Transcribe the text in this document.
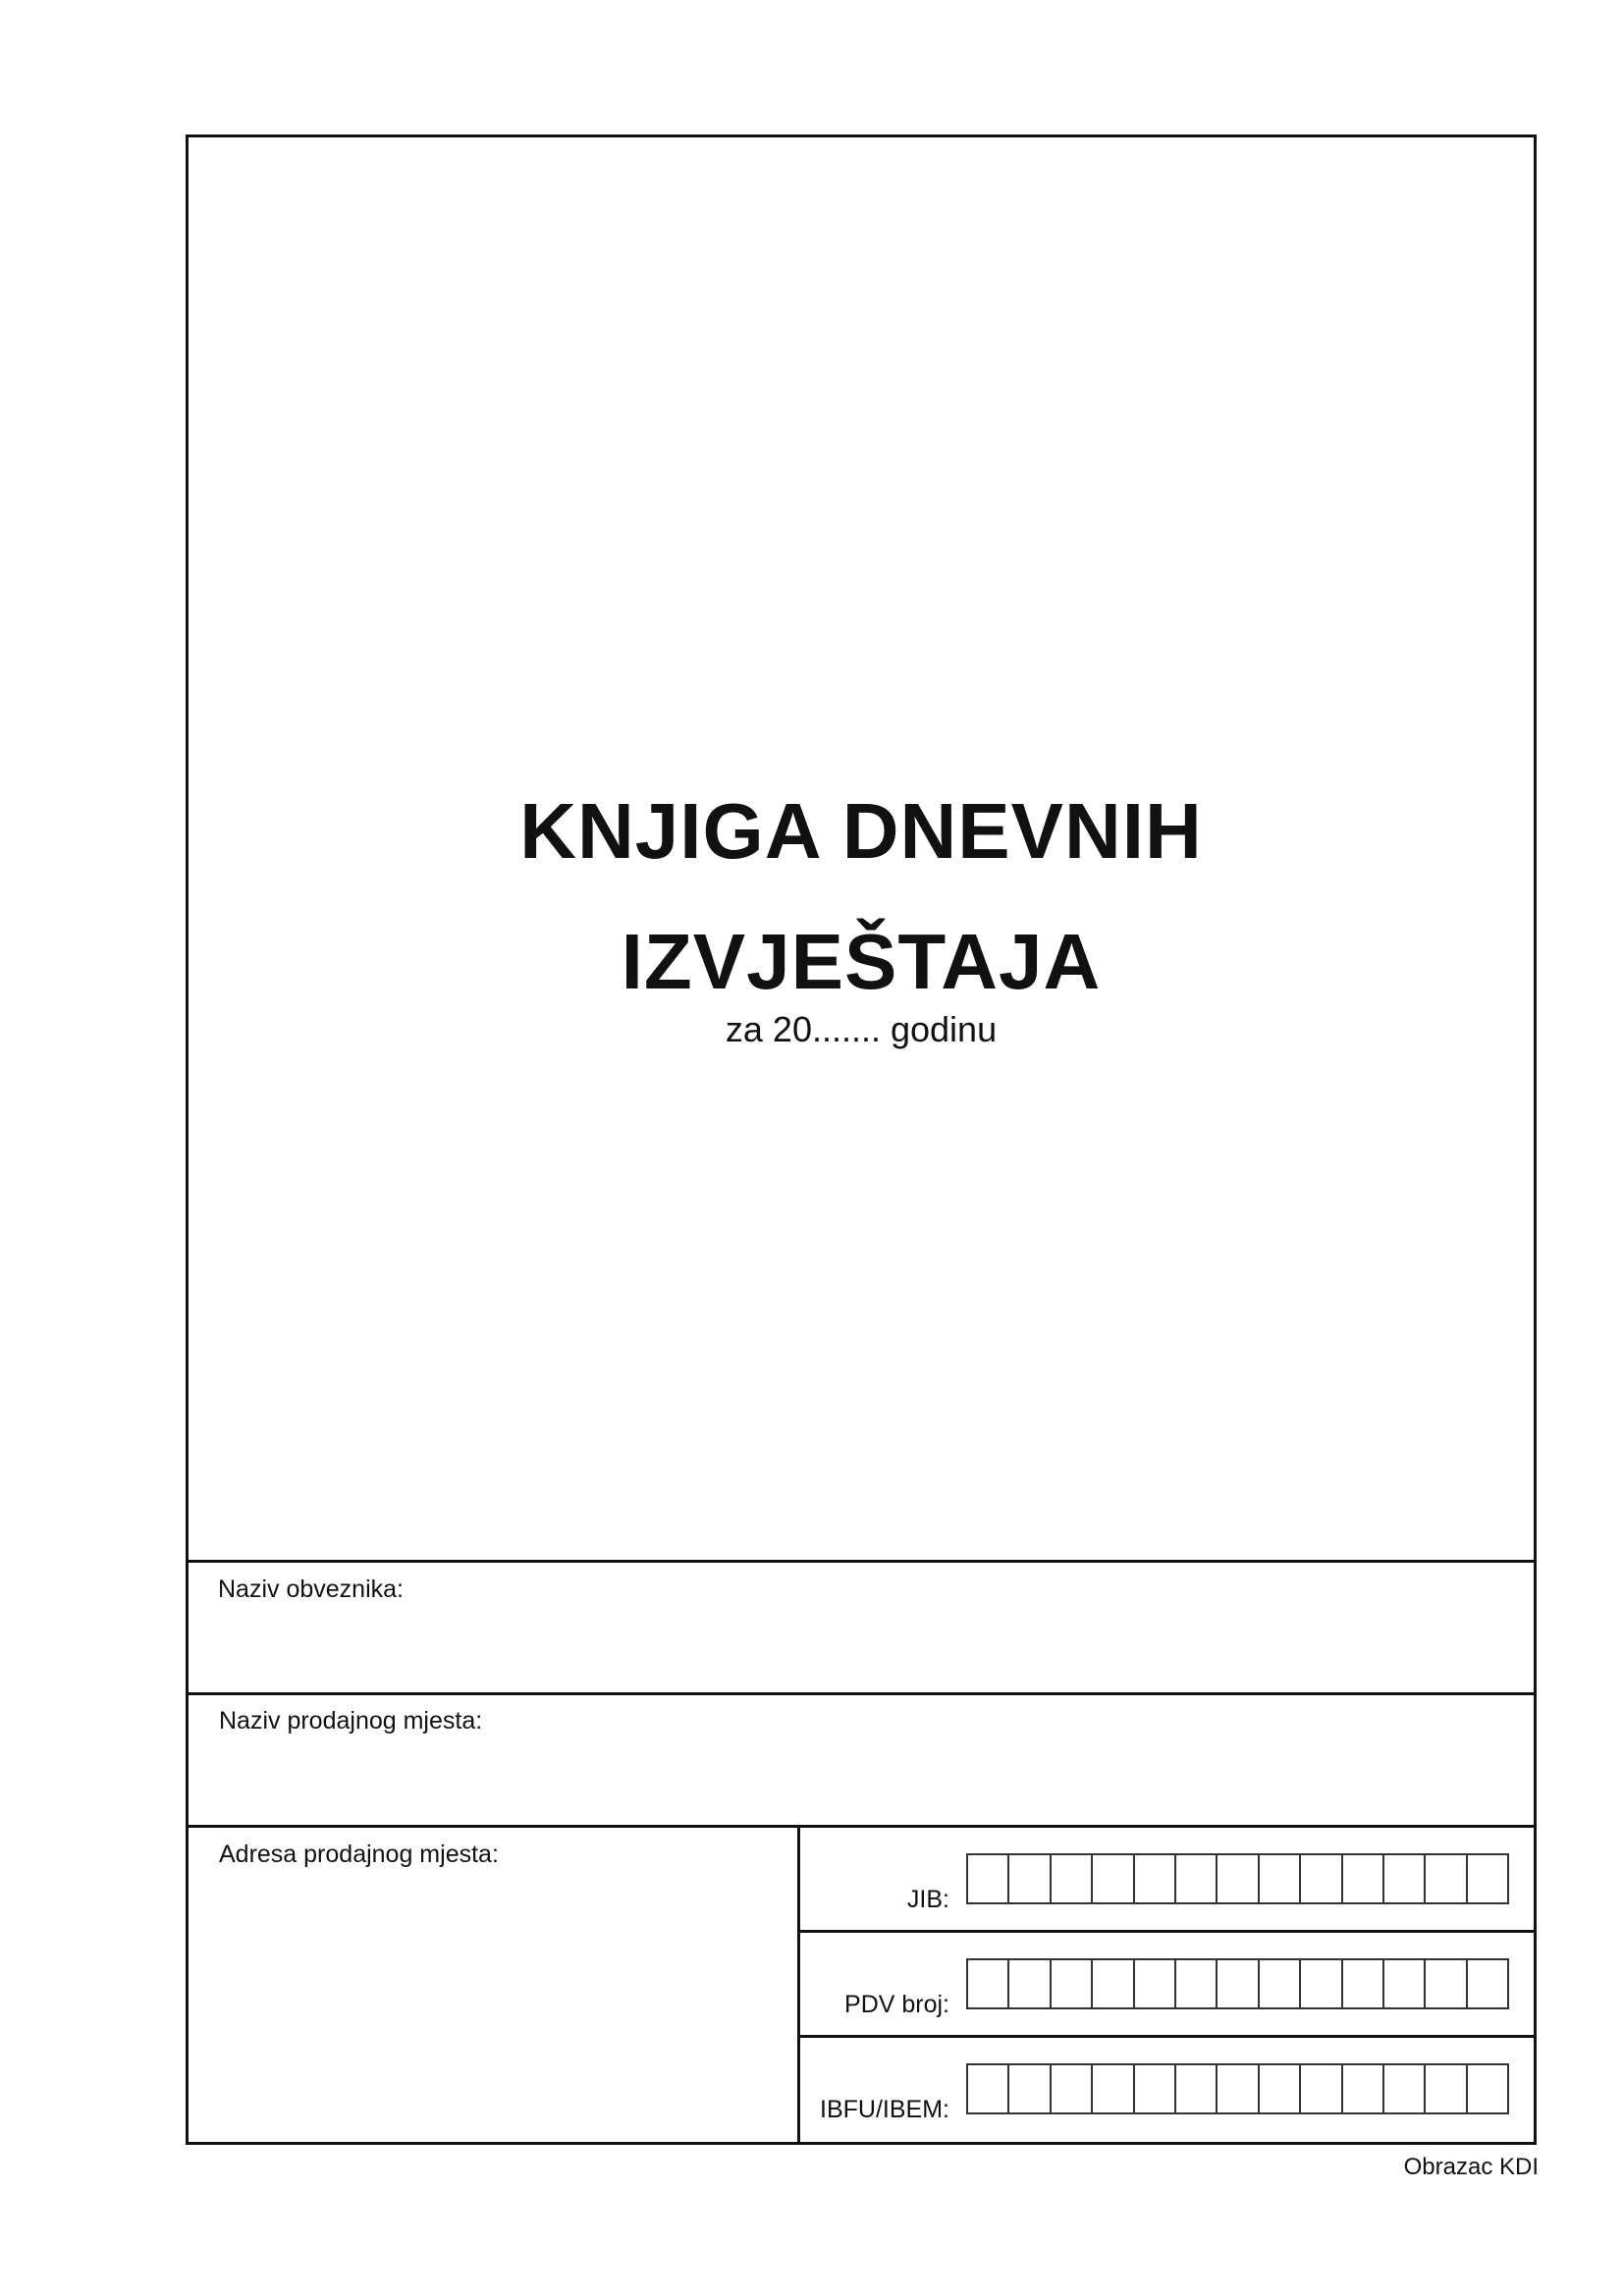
KNJIGA DNEVNIH
IZVJEŠTAJA
za 20....... godinu
Naziv obveznika:
Naziv prodajnog mjesta:
Adresa prodajnog mjesta:
JIB:
PDV broj:
IBFU/IBEM:
Obrazac KDI
